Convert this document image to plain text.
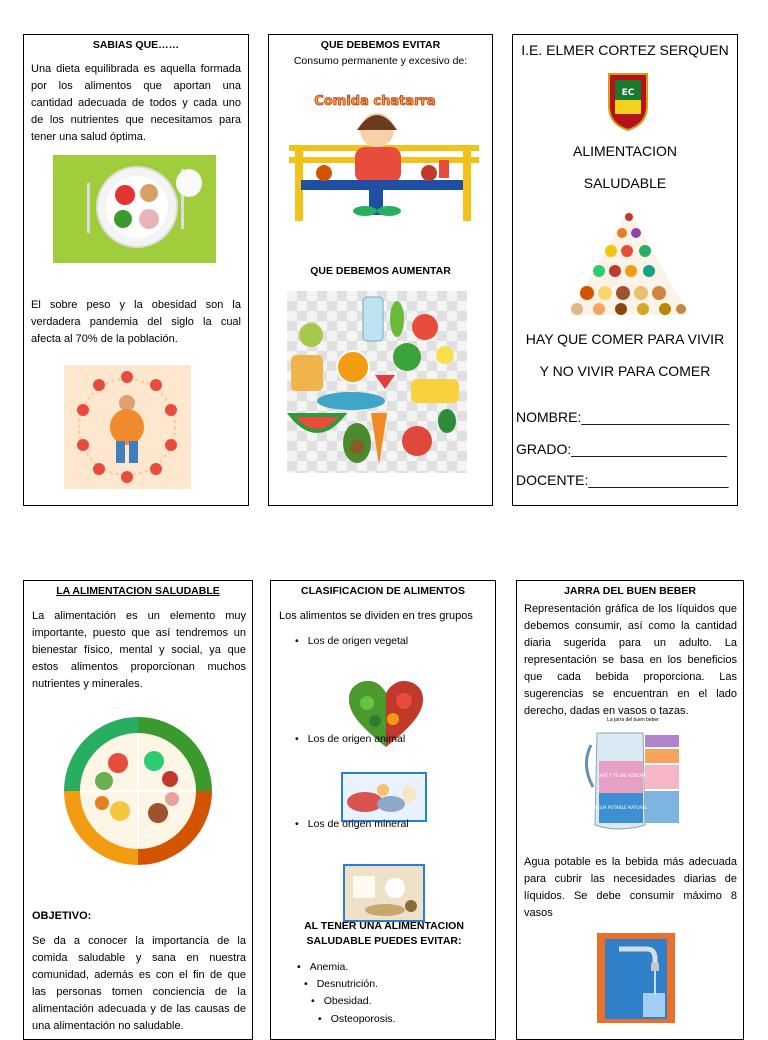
SABIAS QUE……
Una dieta equilibrada es aquella formada por los alimentos que aportan una cantidad adecuada de todos y cada uno de los nutrientes que necesitamos para tener una salud óptima.
El sobre peso y la obesidad son la verdadera pandemia del siglo la cual afecta al 70% de la población.
QUE DEBEMOS EVITAR
Consumo permanente y excesivo de:
Comida chatarra
QUE DEBEMOS AUMENTAR
I.E. ELMER CORTEZ SERQUEN
EC
ALIMENTACION
SALUDABLE
HAY QUE COMER PARA VIVIR
Y NO VIVIR PARA COMER
NOMBRE:___________________
GRADO:____________________
DOCENTE:__________________
LA ALIMENTACION SALUDABLE
La alimentación es un elemento muy importante, puesto que así tendremos un bienestar físico, mental y social, ya que estos alimentos proporcionan muchos nutrientes y minerales.
OBJETIVO:
Se da a conocer la importancia de la comida saludable y sana en nuestra comunidad, además es con el fin de que las personas tomen conciencia de la alimentación adecuada y de las causas de una alimentación no saludable.
CLASIFICACION DE ALIMENTOS
Los alimentos se dividen en tres grupos
• Los de origen vegetal
• Los de origen animal
• Los de origen mineral
AL TENER UNA ALIMENTACION SALUDABLE PUEDES EVITAR:
• Anemia.
• Desnutrición.
• Obesidad.
• Osteoporosis.
JARRA DEL BUEN BEBER
Representación gráfica de los líquidos que debemos consumir, así como la cantidad diaria sugerida para un adulto. La representación se basa en los beneficios que cada bebida proporciona. Las sugerencias se encuentran en el lado derecho, dadas en vasos o tazas.
La jarra del buen beber
CAFÉ Y TÉ SIN AZÚCAR
AGUA POTABLE NATURAL
Agua potable es la bebida más adecuada para cubrir las necesidades diarias de líquidos. Se debe consumir máximo 8 vasos
